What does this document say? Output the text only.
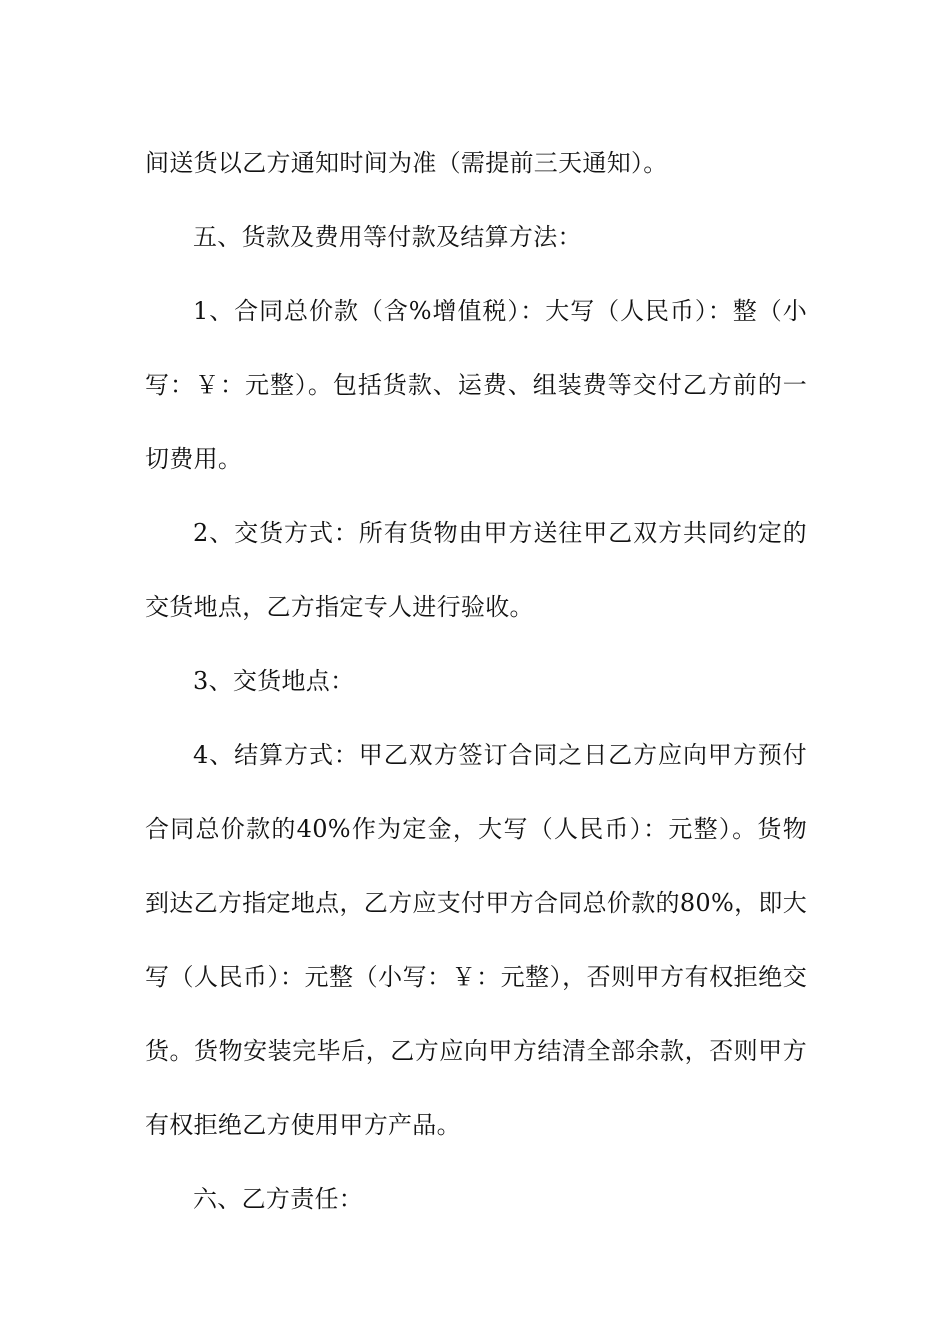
间送货以乙方通知时间为准（需提前三天通知）。

五、货款及费用等付款及结算方法：

1、合同总价款（含%增值税）：大写（人民币）：整（小写：￥：元整）。包括货款、运费、组装费等交付乙方前的一切费用。

2、交货方式：所有货物由甲方送往甲乙双方共同约定的交货地点，乙方指定专人进行验收。

3、交货地点：

4、结算方式：甲乙双方签订合同之日乙方应向甲方预付合同总价款的40%作为定金，大写（人民币）：元整）。货物到达乙方指定地点，乙方应支付甲方合同总价款的80%，即大写（人民币）：元整（小写：￥：元整），否则甲方有权拒绝交货。货物安装完毕后，乙方应向甲方结清全部余款，否则甲方有权拒绝乙方使用甲方产品。

六、乙方责任：
